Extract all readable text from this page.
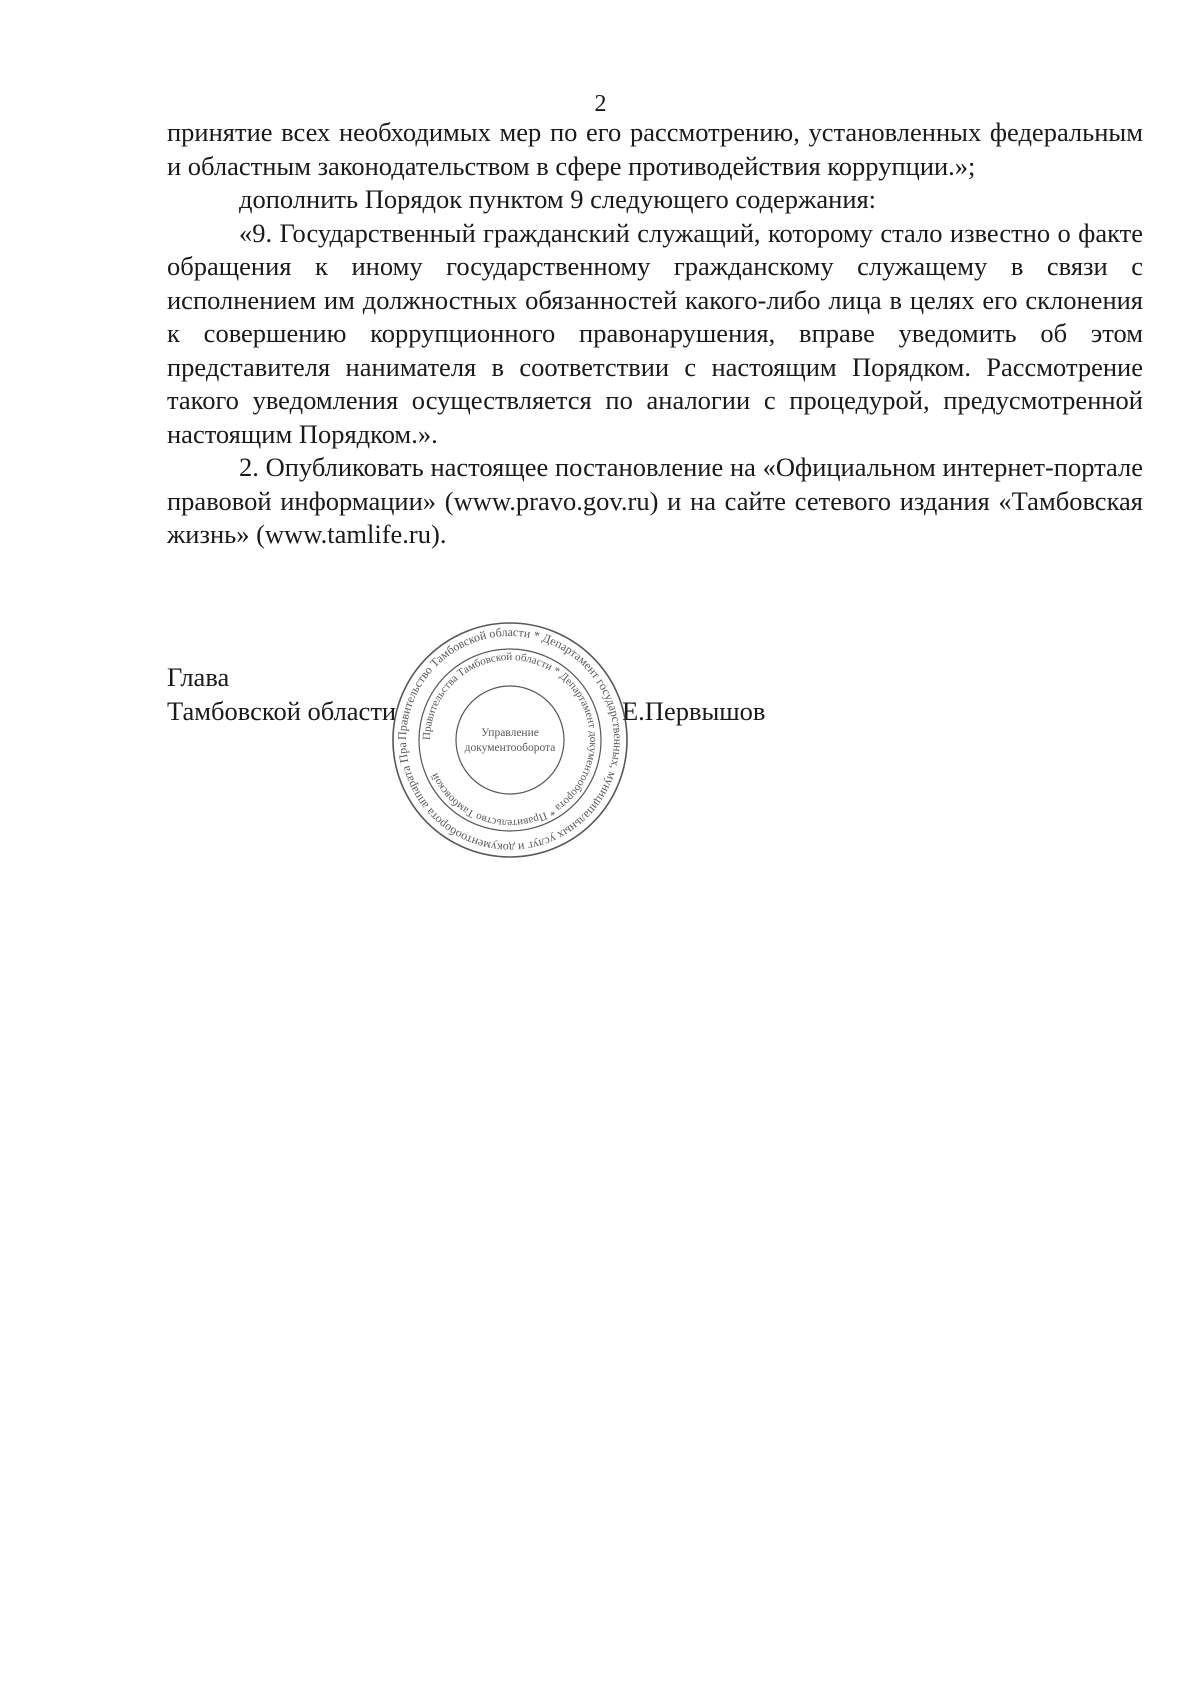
2

принятие всех необходимых мер по его рассмотрению, установленных федеральным и областным законодательством в сфере противодействия коррупции.»;

дополнить Порядок пунктом 9 следующего содержания:

«9. Государственный гражданский служащий, которому стало известно о факте обращения к иному государственному гражданскому служащему в связи с исполнением им должностных обязанностей какого-либо лица в целях его склонения к совершению коррупционного правонарушения, вправе уведомить об этом представителя нанимателя в соответствии с настоящим Порядком. Рассмотрение такого уведомления осуществляется по аналогии с процедурой, предусмотренной настоящим Порядком.».

2. Опубликовать настоящее постановление на «Официальном интернет-портале правовой информации» (www.pravo.gov.ru) и на сайте сетевого издания «Тамбовская жизнь» (www.tamlife.ru).

Глава
Тамбовской области	Е.Первышов
Правительство Тамбовской области * Департамент государственных, муниципальных услуг и документооборота аппарата Пра
Правительства Тамбовской области * Департамент документооборота * Правительство Тамбовской
Управление
документооборота
